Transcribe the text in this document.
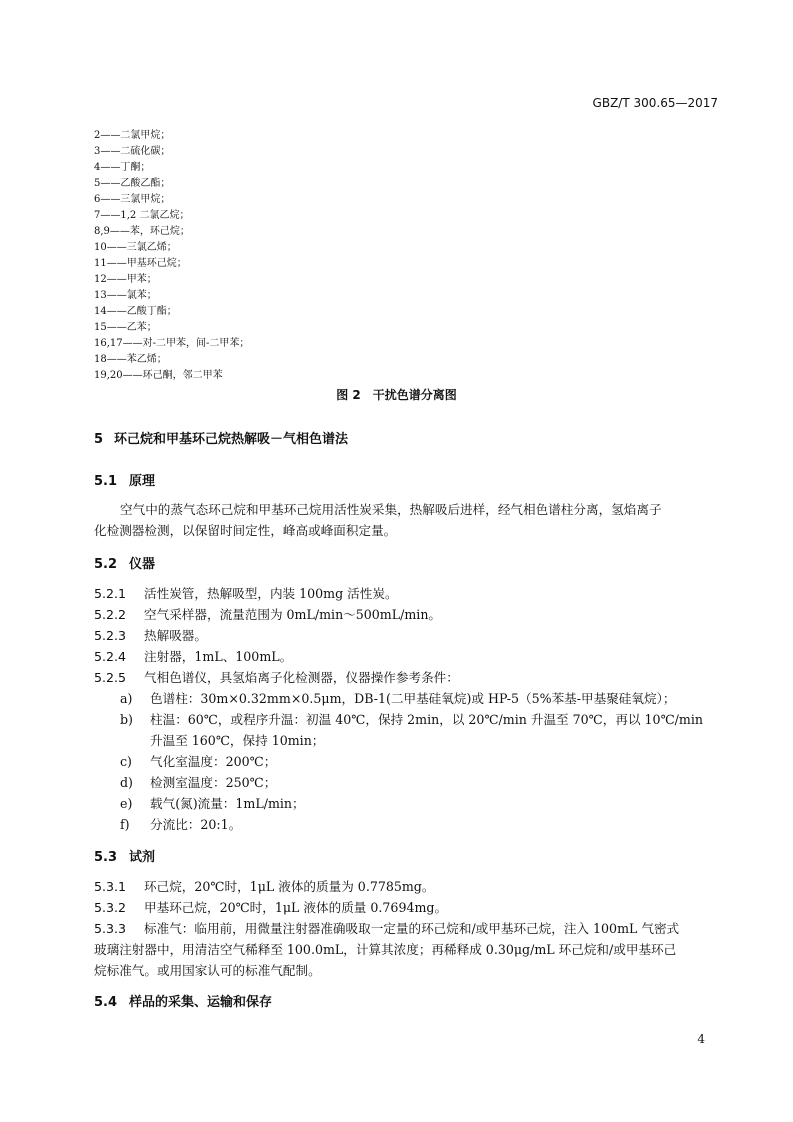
GBZ/T 300.65—2017
2——二氯甲烷；
3——二硫化碳；
4——丁酮；
5——乙酸乙酯；
6——三氯甲烷；
7——1,2 二氯乙烷；
8,9——苯，环己烷；
10——三氯乙烯；
11——甲基环己烷；
12——甲苯；
13——氯苯；
14——乙酸丁酯；
15——乙苯；
16,17——对-二甲苯，间-二甲苯；
18——苯乙烯；
19,20——环己酮，邻二甲苯
图 2　干扰色谱分离图
5 环己烷和甲基环己烷热解吸－气相色谱法
5.1 原理
空气中的蒸气态环己烷和甲基环己烷用活性炭采集，热解吸后进样，经气相色谱柱分离，氢焰离子
化检测器检测，以保留时间定性，峰高或峰面积定量。
5.2 仪器
5.2.1 活性炭管，热解吸型，内装 100mg 活性炭。
5.2.2 空气采样器，流量范围为 0mL/min～500mL/min。
5.2.3 热解吸器。
5.2.4 注射器，1mL、100mL。
5.2.5 气相色谱仪，具氢焰离子化检测器，仪器操作参考条件：
a) 色谱柱：30m×0.32mm×0.5μm，DB-1(二甲基硅氧烷)或 HP-5（5%苯基-甲基聚硅氧烷）；
b) 柱温：60℃，或程序升温：初温 40℃，保持 2min，以 20℃/min 升温至 70℃，再以 10℃/min
升温至 160℃，保持 10min；
c) 气化室温度：200℃；
d) 检测室温度：250℃；
e) 载气(氮)流量：1mL/min；
f) 分流比：20:1。
5.3 试剂
5.3.1 环己烷，20℃时，1μL 液体的质量为 0.7785mg。
5.3.2 甲基环己烷，20℃时，1μL 液体的质量 0.7694mg。
5.3.3 标准气：临用前，用微量注射器准确吸取一定量的环己烷和/或甲基环己烷，注入 100mL 气密式
玻璃注射器中，用清洁空气稀释至 100.0mL，计算其浓度；再稀释成 0.30μg/mL 环己烷和/或甲基环己
烷标准气。或用国家认可的标准气配制。
5.4 样品的采集、运输和保存
4
